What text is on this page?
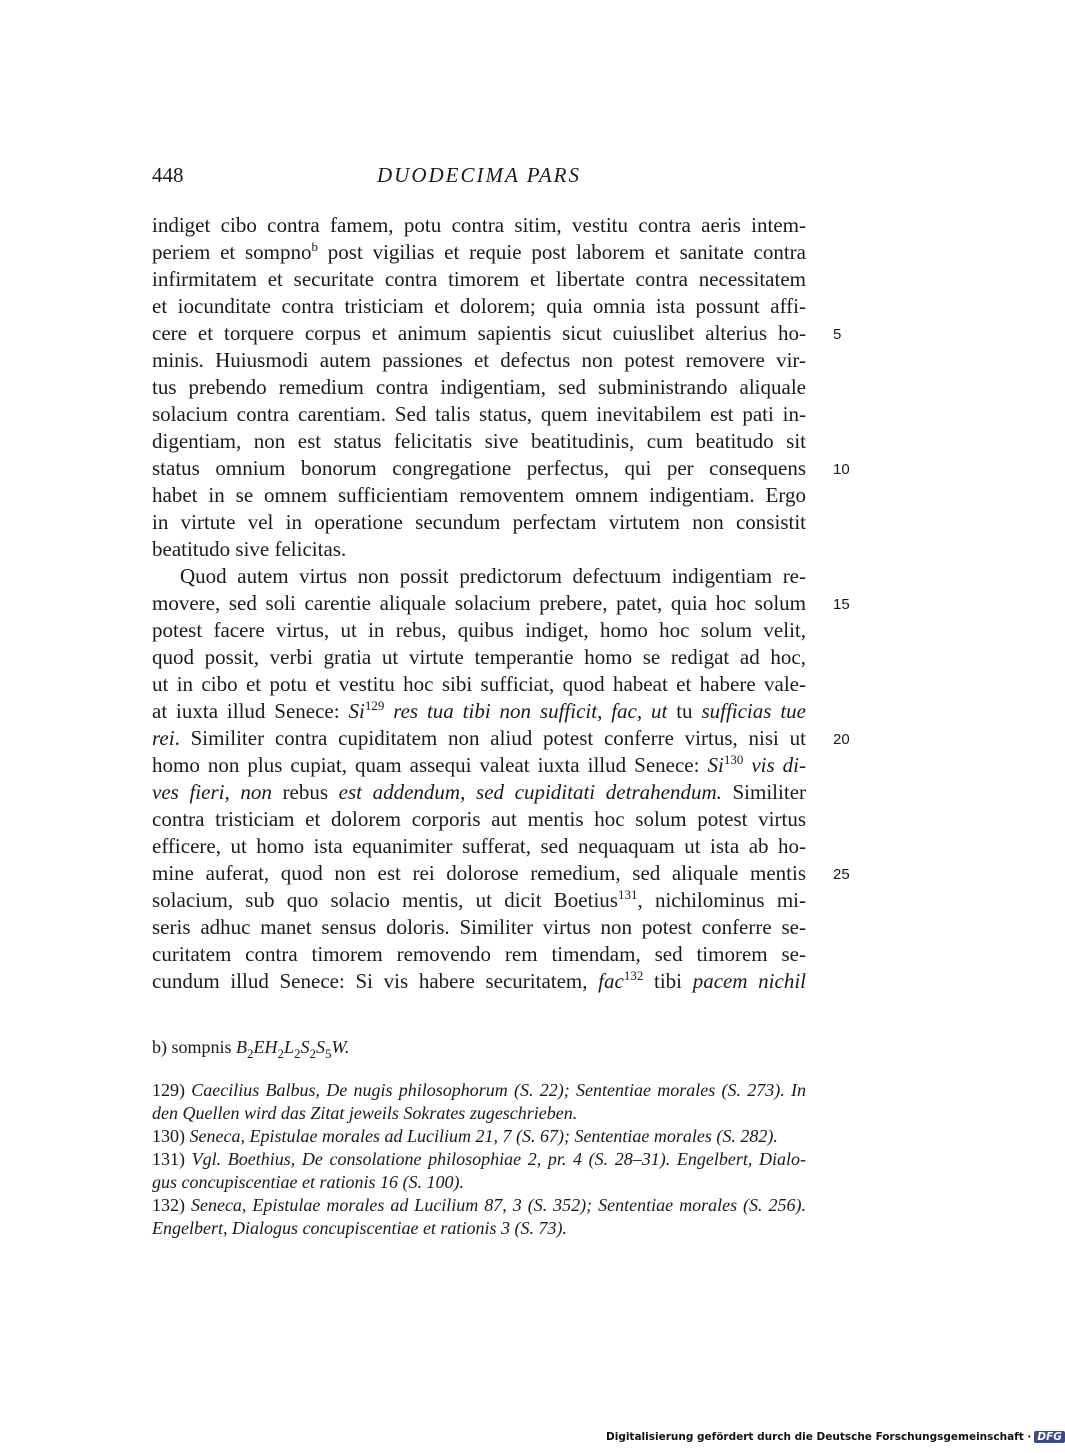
448	DUODECIMA PARS
5
10
15
20
25
indiget cibo contra famem, potu contra sitim, vestitu contra aeris intem-
periem et sompno$^b$ post vigilias et requie post laborem et sanitate contra
infirmitatem et securitate contra timorem et libertate contra necessitatem
et iocunditate contra tristiciam et dolorem; quia omnia ista possunt affi-
cere et torquere corpus et animum sapientis sicut cuiuslibet alterius ho-
minis. Huiusmodi autem passiones et defectus non potest removere vir-
tus prebendo remedium contra indigentiam, sed subministrando aliquale
solacium contra carentiam. Sed talis status, quem inevitabilem est pati in-
digentiam, non est status felicitatis sive beatitudinis, cum beatitudo sit
status omnium bonorum congregatione perfectus, qui per consequens
habet in se omnem sufficientiam removentem omnem indigentiam. Ergo
in virtute vel in operatione secundum perfectam virtutem non consistit
beatitudo sive felicitas.
Quod autem virtus non possit predictorum defectuum indigentiam re-
movere, sed soli carentie aliquale solacium prebere, patet, quia hoc solum
potest facere virtus, ut in rebus, quibus indiget, homo hoc solum velit,
quod possit, verbi gratia ut virtute temperantie homo se redigat ad hoc,
ut in cibo et potu et vestitu hoc sibi sufficiat, quod habeat et habere vale-
at iuxta illud Senece: Si$^{129}$ res tua tibi non sufficit, fac, ut tu sufficias tue
rei. Similiter contra cupiditatem non aliud potest conferre virtus, nisi ut
homo non plus cupiat, quam assequi valeat iuxta illud Senece: Si$^{130}$ vis di-
ves fieri, non rebus est addendum, sed cupiditati detrahendum. Similiter
contra tristiciam et dolorem corporis aut mentis hoc solum potest virtus
efficere, ut homo ista equanimiter sufferat, sed nequaquam ut ista ab ho-
mine auferat, quod non est rei dolorose remedium, sed aliquale mentis
solacium, sub quo solacio mentis, ut dicit Boetius$^{131}$, nichilominus mi-
seris adhuc manet sensus doloris. Similiter virtus non potest conferre se-
curitatem contra timorem removendo rem timendam, sed timorem se-
cundum illud Senece: Si vis habere securitatem, fac$^{132}$ tibi pacem nichil
b) sompnis $B_2EH_2L_2S_2S_5W$.
129) Caecilius Balbus, De nugis philosophorum (S. 22); Sententiae morales (S. 273). In
den Quellen wird das Zitat jeweils Sokrates zugeschrieben.
130) Seneca, Epistulae morales ad Lucilium 21, 7 (S. 67); Sententiae morales (S. 282).
131) Vgl. Boethius, De consolatione philosophiae 2, pr. 4 (S. 28–31). Engelbert, Dialo-
gus concupiscentiae et rationis 16 (S. 100).
132) Seneca, Epistulae morales ad Lucilium 87, 3 (S. 352); Sententiae morales (S. 256).
Engelbert, Dialogus concupiscentiae et rationis 3 (S. 73).
Digitalisierung gefördert durch die Deutsche Forschungsgemeinschaft · DFG
